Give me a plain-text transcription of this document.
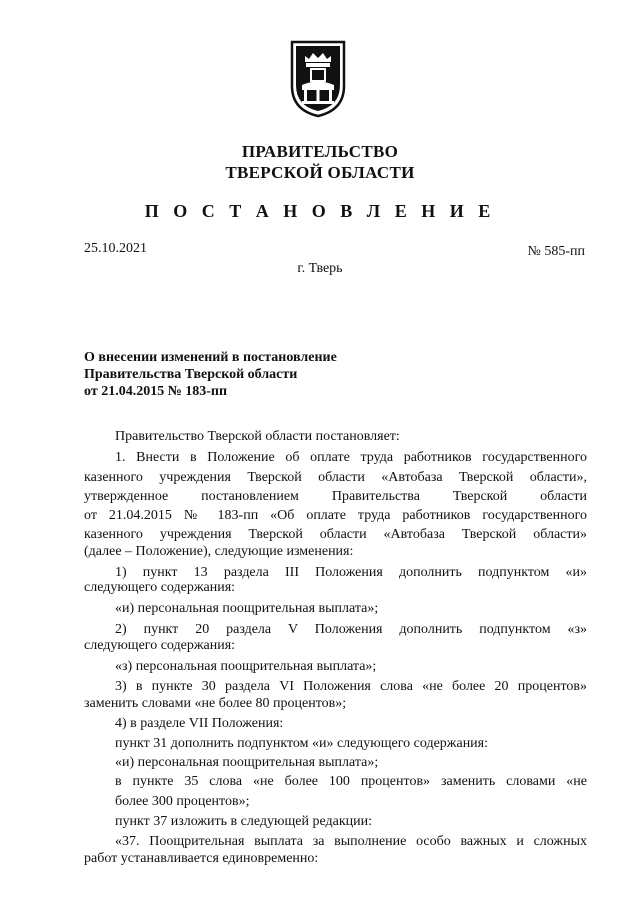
ПРАВИТЕЛЬСТВО
ТВЕРСКОЙ ОБЛАСТИ
П О С Т А Н О В Л Е Н И Е
25.10.2021	№ 585-пп
г. Тверь
О внесении изменений в постановление
Правительства Тверской области
от 21.04.2015 № 183-пп
Правительство Тверской области постановляет:
1. Внести в Положение об оплате труда работников государственного
казенного учреждения Тверской области «Автобаза Тверской области»,
утвержденное постановлением Правительства Тверской области
от 21.04.2015 № 183-пп «Об оплате труда работников государственного
казенного учреждения Тверской области «Автобаза Тверской области»
(далее – Положение), следующие изменения:
1) пункт 13 раздела III Положения дополнить подпунктом «и»
следующего содержания:
«и) персональная поощрительная выплата»;
2) пункт 20 раздела V Положения дополнить подпунктом «з»
следующего содержания:
«з) персональная поощрительная выплата»;
3) в пункте 30 раздела VI Положения слова «не более 20 процентов»
заменить словами «не более 80 процентов»;
4) в разделе VII Положения:
пункт 31 дополнить подпунктом «и» следующего содержания:
«и) персональная поощрительная выплата»;
в пункте 35 слова «не более 100 процентов» заменить словами «не
более 300 процентов»;
пункт 37 изложить в следующей редакции:
«37. Поощрительная выплата за выполнение особо важных и сложных
работ устанавливается единовременно:
